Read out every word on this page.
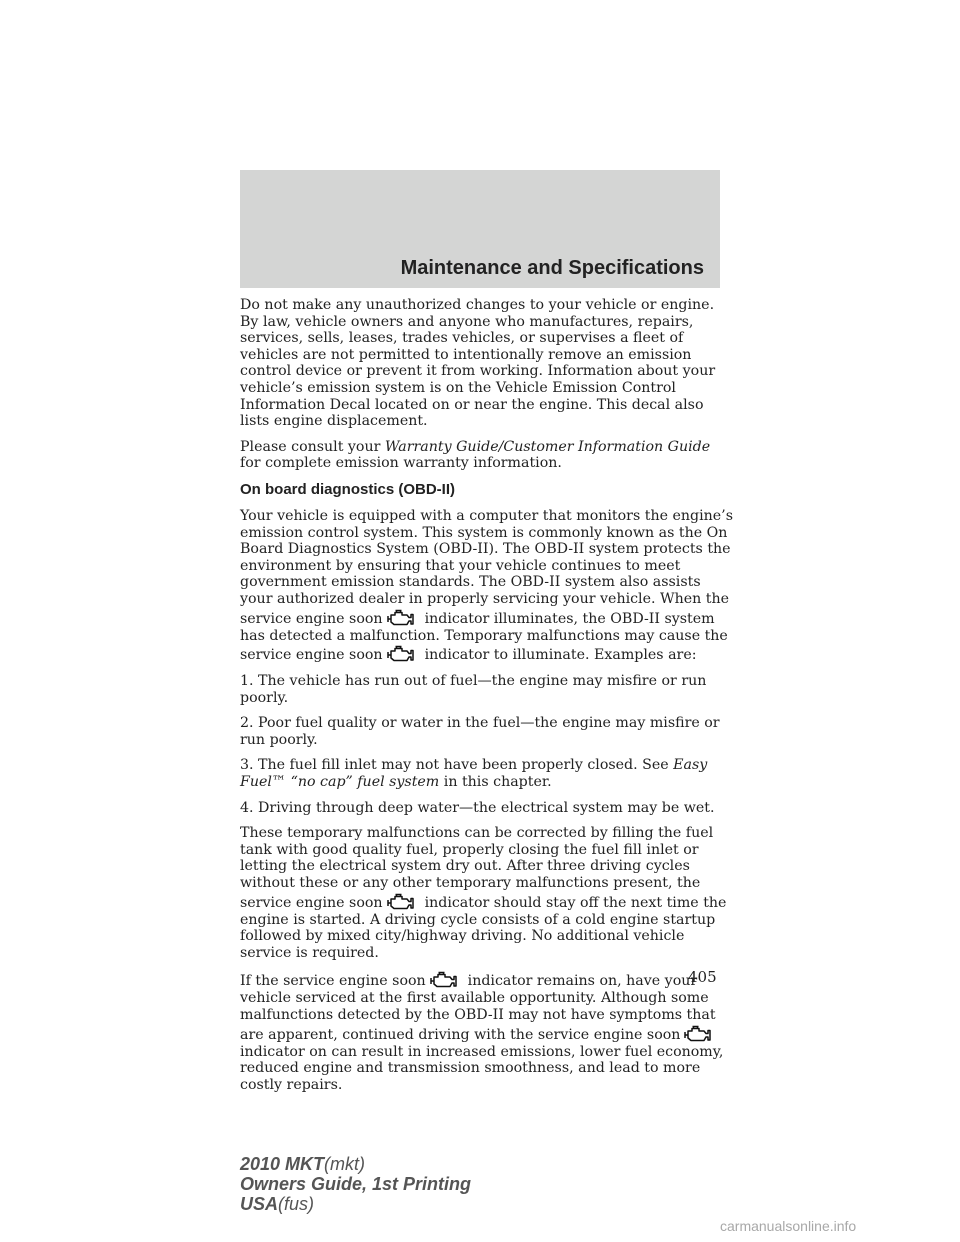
Maintenance and Specifications

Do not make any unauthorized changes to your vehicle or engine. By law, vehicle owners and anyone who manufactures, repairs, services, sells, leases, trades vehicles, or supervises a fleet of vehicles are not permitted to intentionally remove an emission control device or prevent it from working. Information about your vehicle’s emission system is on the Vehicle Emission Control Information Decal located on or near the engine. This decal also lists engine displacement.

Please consult your Warranty Guide/Customer Information Guide for complete emission warranty information.

On board diagnostics (OBD-II)

Your vehicle is equipped with a computer that monitors the engine’s emission control system. This system is commonly known as the On Board Diagnostics System (OBD-II). The OBD-II system protects the environment by ensuring that your vehicle continues to meet government emission standards. The OBD-II system also assists your authorized dealer in properly servicing your vehicle. When the service engine soon	indicator illuminates, the OBD-II system has detected a malfunction. Temporary malfunctions may cause the service engine soon	indicator to illuminate. Examples are:

1. The vehicle has run out of fuel—the engine may misfire or run poorly.

2. Poor fuel quality or water in the fuel—the engine may misfire or run poorly.

3. The fuel fill inlet may not have been properly closed. See Easy Fuel™ “no cap” fuel system in this chapter.

4. Driving through deep water—the electrical system may be wet.

These temporary malfunctions can be corrected by filling the fuel tank with good quality fuel, properly closing the fuel fill inlet or letting the electrical system dry out. After three driving cycles without these or any other temporary malfunctions present, the service engine soon	indicator should stay off the next time the engine is started. A driving cycle consists of a cold engine startup followed by mixed city/highway driving. No additional vehicle service is required.

If the service engine soon	indicator remains on, have your vehicle serviced at the first available opportunity. Although some malfunctions detected by the OBD-II may not have symptoms that are apparent, continued driving with the service engine soon
indicator on can result in increased emissions, lower fuel economy, reduced engine and transmission smoothness, and lead to more costly repairs.

405
2010 MKT(mkt)
Owners Guide, 1st Printing
USA(fus)
carmanualsonline.info
